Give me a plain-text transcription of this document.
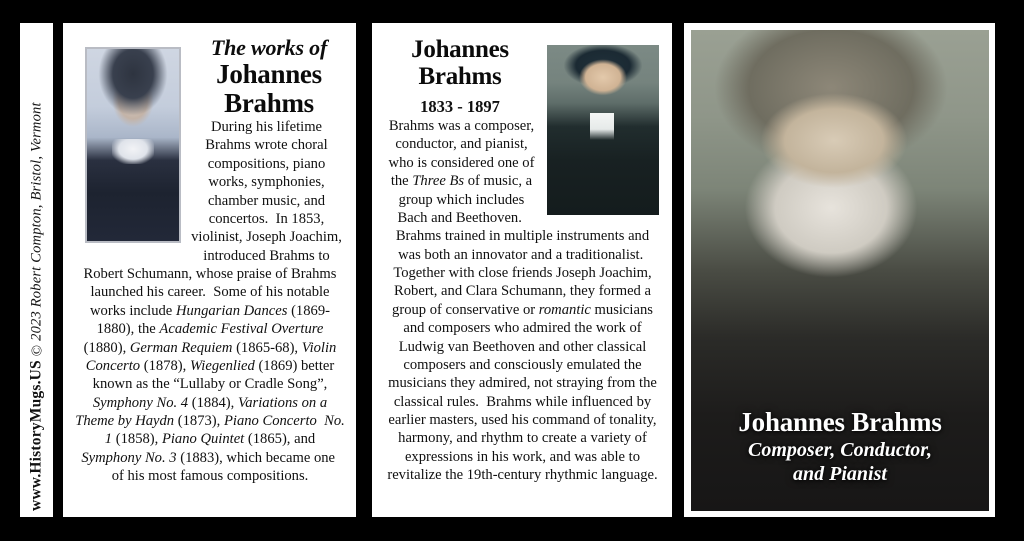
www.HistoryMugs.US © 2023 Robert Compton, Bristol, Vermont
The works of
Johannes
Brahms

During his lifetime Brahms wrote choral compositions, piano works, symphonies, chamber music, and concertos.  In 1853, violinist, Joseph Joachim, introduced Brahms to Robert Schumann, whose praise of Brahms launched his career.  Some of his notable works include Hungarian Dances (1869-1880), the Academic Festival Overture (1880), German Requiem (1865-68), Violin Concerto (1878), Wiegenlied (1869) better known as the “Lullaby or Cradle Song”, Symphony No. 4 (1884), Variations on a Theme by Haydn (1873), Piano Concerto  No. 1 (1858), Piano Quintet (1865), and Symphony No. 3 (1883), which became one  of his most famous compositions.

Johannes
Brahms
1833 - 1897

Brahms was a composer, conductor, and pianist, who is considered one of the Three Bs of music, a group which includes Bach and Beethoven.  Brahms trained in multiple instruments and was both an innovator and a traditionalist.  Together with close friends Joseph Joachim, Robert, and Clara Schumann, they formed a group of conservative or romantic musicians and composers who admired the work of Ludwig van Beethoven and other classical composers and consciously emulated the musicians they admired, not straying from the classical rules.  Brahms while influenced by earlier masters, used his command of tonality, harmony, and rhythm to create a variety of expressions in his work, and was able to revitalize the 19th-century rhythmic language.

Johannes Brahms
Composer, Conductor,
and Pianist
